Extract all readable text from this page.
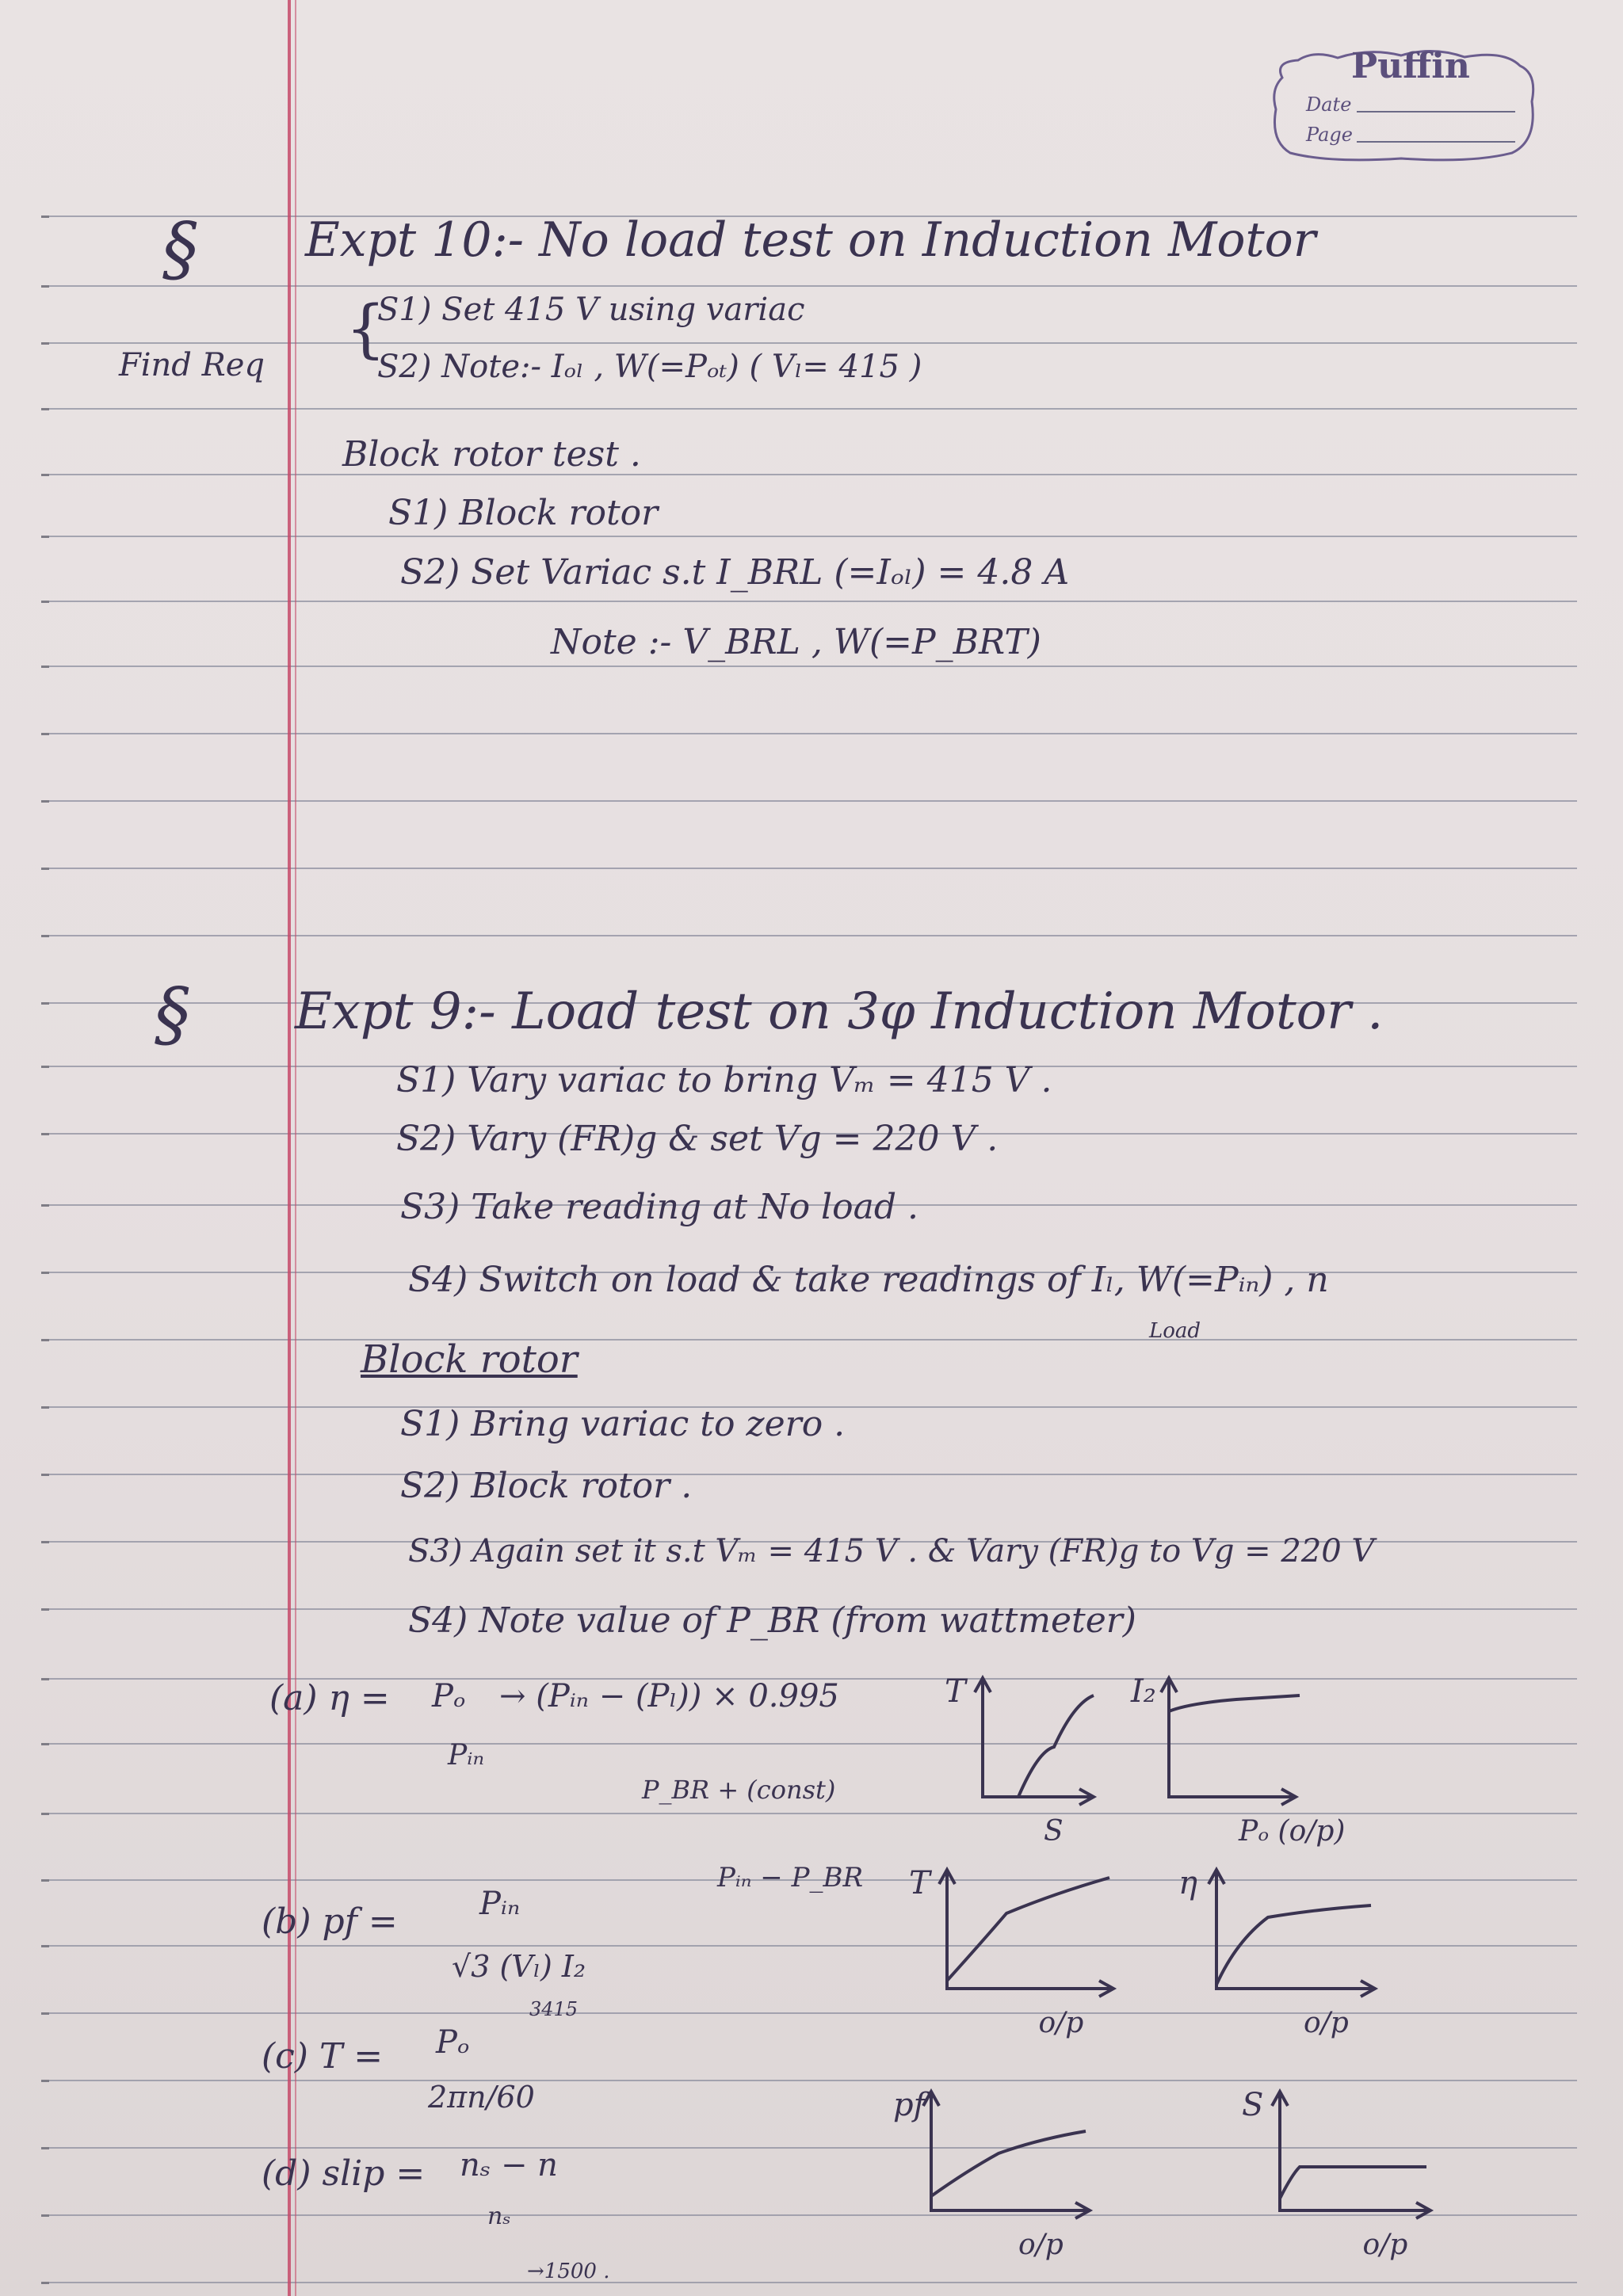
Puffin
Date
Page
§ Expt 10:- No load test on Induction Motor
Find Req {
S1) Set 415 V using variac
S2) Note:- Iₒₗ , W(=Pₒₜ) ( Vₗ= 415 )
Block rotor test .
S1) Block rotor
S2) Set Variac s.t I_BRL (=Iₒₗ) = 4.8 A
Note :- V_BRL , W(=P_BRT)
§ Expt 9:- Load test on 3φ Induction Motor .
S1) Vary variac to bring Vₘ = 415 V .
S2) Vary (FR)g & set Vg = 220 V .
S3) Take reading at No load .
S4) Switch on load & take readings of Iₗ, W(=Pᵢₙ) , n
Load
Block rotor
S1) Bring variac to zero .
S2) Block rotor .
S3) Again set it s.t Vₘ = 415 V . & Vary (FR)g to Vg = 220 V
S4) Note value of P_BR (from wattmeter)
(a) η = Pₒ
Pᵢₙ
→ (Pᵢₙ − (Pₗ)) × 0.995
P_BR + (const)
Pᵢₙ − P_BR
(b) pf =	Pᵢₙ
√3 (Vₗ) I₂
3415
(c) T = Pₒ
2πn/60
(d) slip = nₛ − n
nₛ
→1500 .
T
S
I₂
Pₒ (o/p)
T
o/p
η
o/p
pf
o/p
S
o/p
